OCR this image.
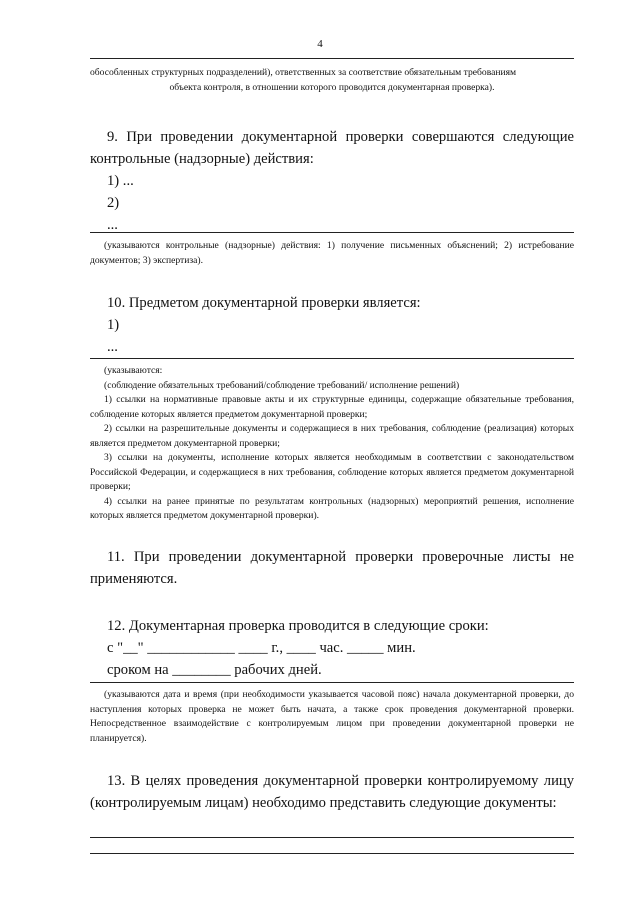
4

обособленных структурных подразделений), ответственных за соответствие обязательным требованиям

объекта контроля, в отношении которого проводится документарная проверка).

9. При проведении документарной проверки совершаются следующие контрольные (надзорные) действия:

1) ...

2)

...

(указываются контрольные (надзорные) действия: 1) получение письменных объяснений; 2) истребование документов; 3) экспертиза).

10. Предметом документарной проверки является:

1)

...

(указываются:

(соблюдение обязательных требований/соблюдение требований/ исполнение решений)

1) ссылки на нормативные правовые акты и их структурные единицы, содержащие обязательные требования, соблюдение которых является предметом документарной проверки;

2) ссылки на разрешительные документы и содержащиеся в них требования, соблюдение (реализация) которых является предметом документарной проверки;

3) ссылки на документы, исполнение которых является необходимым в соответствии с законодательством Российской Федерации, и содержащиеся в них требования, соблюдение которых является предметом документарной проверки;

4) ссылки на ранее принятые по результатам контрольных (надзорных) мероприятий решения, исполнение которых является предметом документарной проверки).

11. При проведении документарной проверки проверочные листы не применяются.

12. Документарная проверка проводится в следующие сроки:

с "__" ____________ ____ г., ____ час. _____ мин.

сроком на ________ рабочих дней.

(указываются дата и время (при необходимости указывается часовой пояс) начала документарной проверки, до наступления которых проверка не может быть начата, а также срок проведения документарной проверки. Непосредственное взаимодействие с контролируемым лицом при проведении документарной проверки не планируется).

13. В целях проведения документарной проверки контролируемому лицу (контролируемым лицам) необходимо представить следующие документы:
